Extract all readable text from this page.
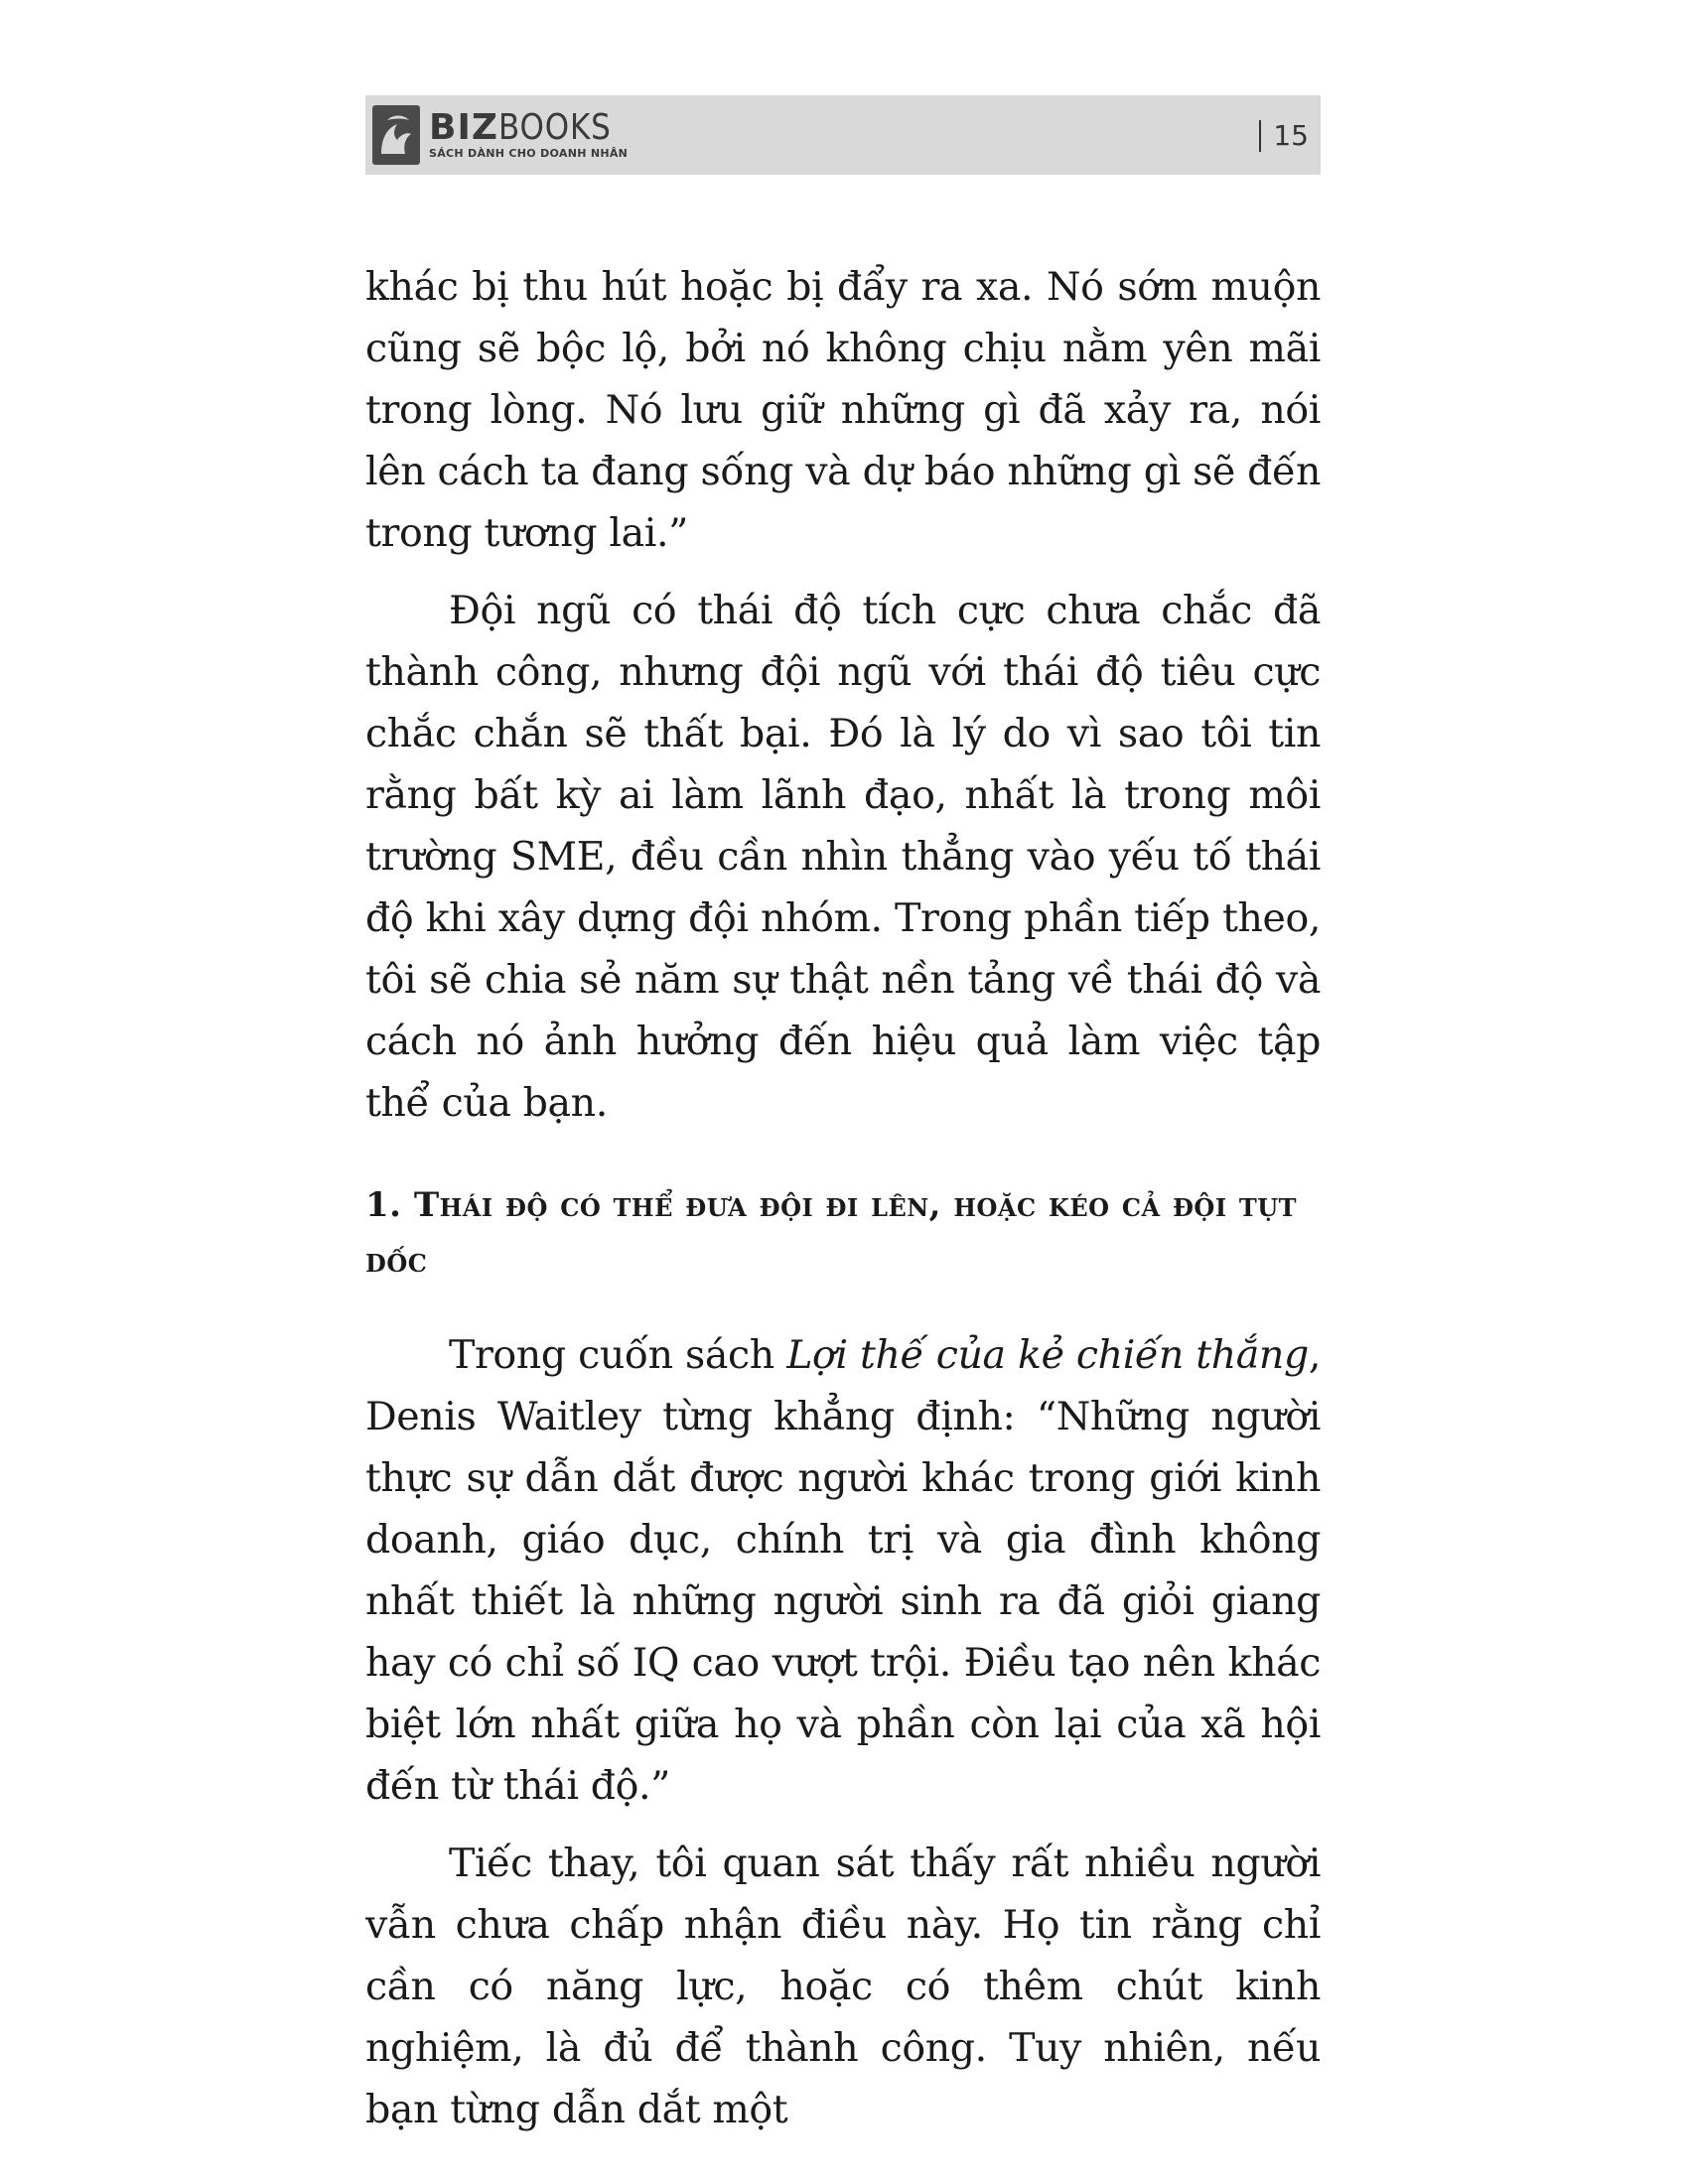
BIZBOOKS
SÁCH DÀNH CHO DOANH NHÂN
15

khác bị thu hút hoặc bị đẩy ra xa. Nó sớm muộn cũng sẽ bộc lộ, bởi nó không chịu nằm yên mãi trong lòng. Nó lưu giữ những gì đã xảy ra, nói lên cách ta đang sống và dự báo những gì sẽ đến trong tương lai.”

Đội ngũ có thái độ tích cực chưa chắc đã thành công, nhưng đội ngũ với thái độ tiêu cực chắc chắn sẽ thất bại. Đó là lý do vì sao tôi tin rằng bất kỳ ai làm lãnh đạo, nhất là trong môi trường SME, đều cần nhìn thẳng vào yếu tố thái độ khi xây dựng đội nhóm. Trong phần tiếp theo, tôi sẽ chia sẻ năm sự thật nền tảng về thái độ và cách nó ảnh hưởng đến hiệu quả làm việc tập thể của bạn.

1. Thái độ có thể đưa đội đi lên, hoặc kéo cả đội tụt dốc

Trong cuốn sách Lợi thế của kẻ chiến thắng, Denis Waitley từng khẳng định: “Những người thực sự dẫn dắt được người khác trong giới kinh doanh, giáo dục, chính trị và gia đình không nhất thiết là những người sinh ra đã giỏi giang hay có chỉ số IQ cao vượt trội. Điều tạo nên khác biệt lớn nhất giữa họ và phần còn lại của xã hội đến từ thái độ.”

Tiếc thay, tôi quan sát thấy rất nhiều người vẫn chưa chấp nhận điều này. Họ tin rằng chỉ cần có năng lực, hoặc có thêm chút kinh nghiệm, là đủ để thành công. Tuy nhiên, nếu bạn từng dẫn dắt một
